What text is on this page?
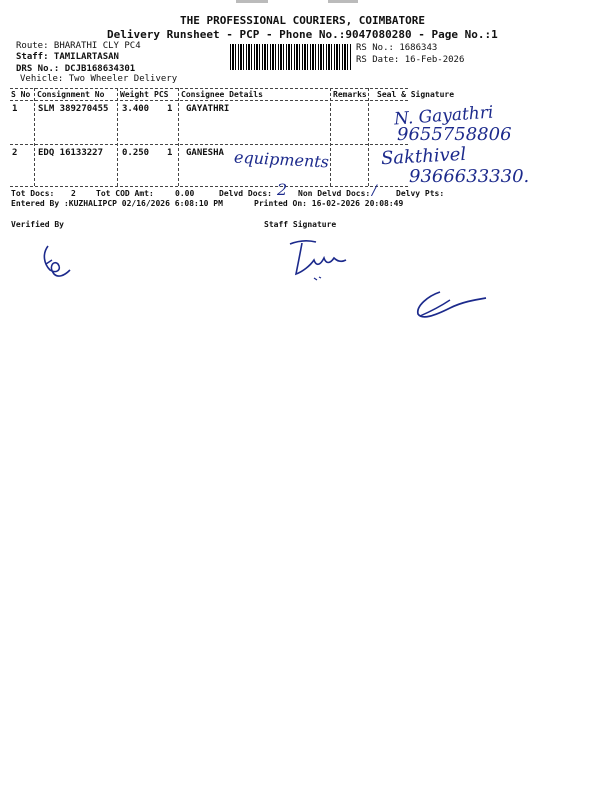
THE PROFESSIONAL COURIERS, COIMBATORE
Delivery Runsheet - PCP - Phone No.:9047080280 - Page No.:1
Route: BHARATHI CLY PC4
Staff: TAMILARTASAN
DRS No.: DCJB168634301
Vehicle: Two Wheeler Delivery
RS No.: 1686343
RS Date: 16-Feb-2026
S No Consignment No Weight PCS Consignee Details	Remarks Seal & Signature
1 SLM 389270455 3.400 1 GAYATHRI
2 EDQ 16133227 0.250 1 GANESHA
N. Gayathri
9655758806
equipments	Sakthivel
9366633330.
Tot Docs: 2	Tot COD Amt:	0.00	Delvd Docs: 2 Non Delvd Docs: / Delvy Pts:
Entered By :KUZHALIPCP 02/16/2026 6:08:10 PM	Printed On: 16-02-2026 20:08:49
Verified By	Staff Signature
